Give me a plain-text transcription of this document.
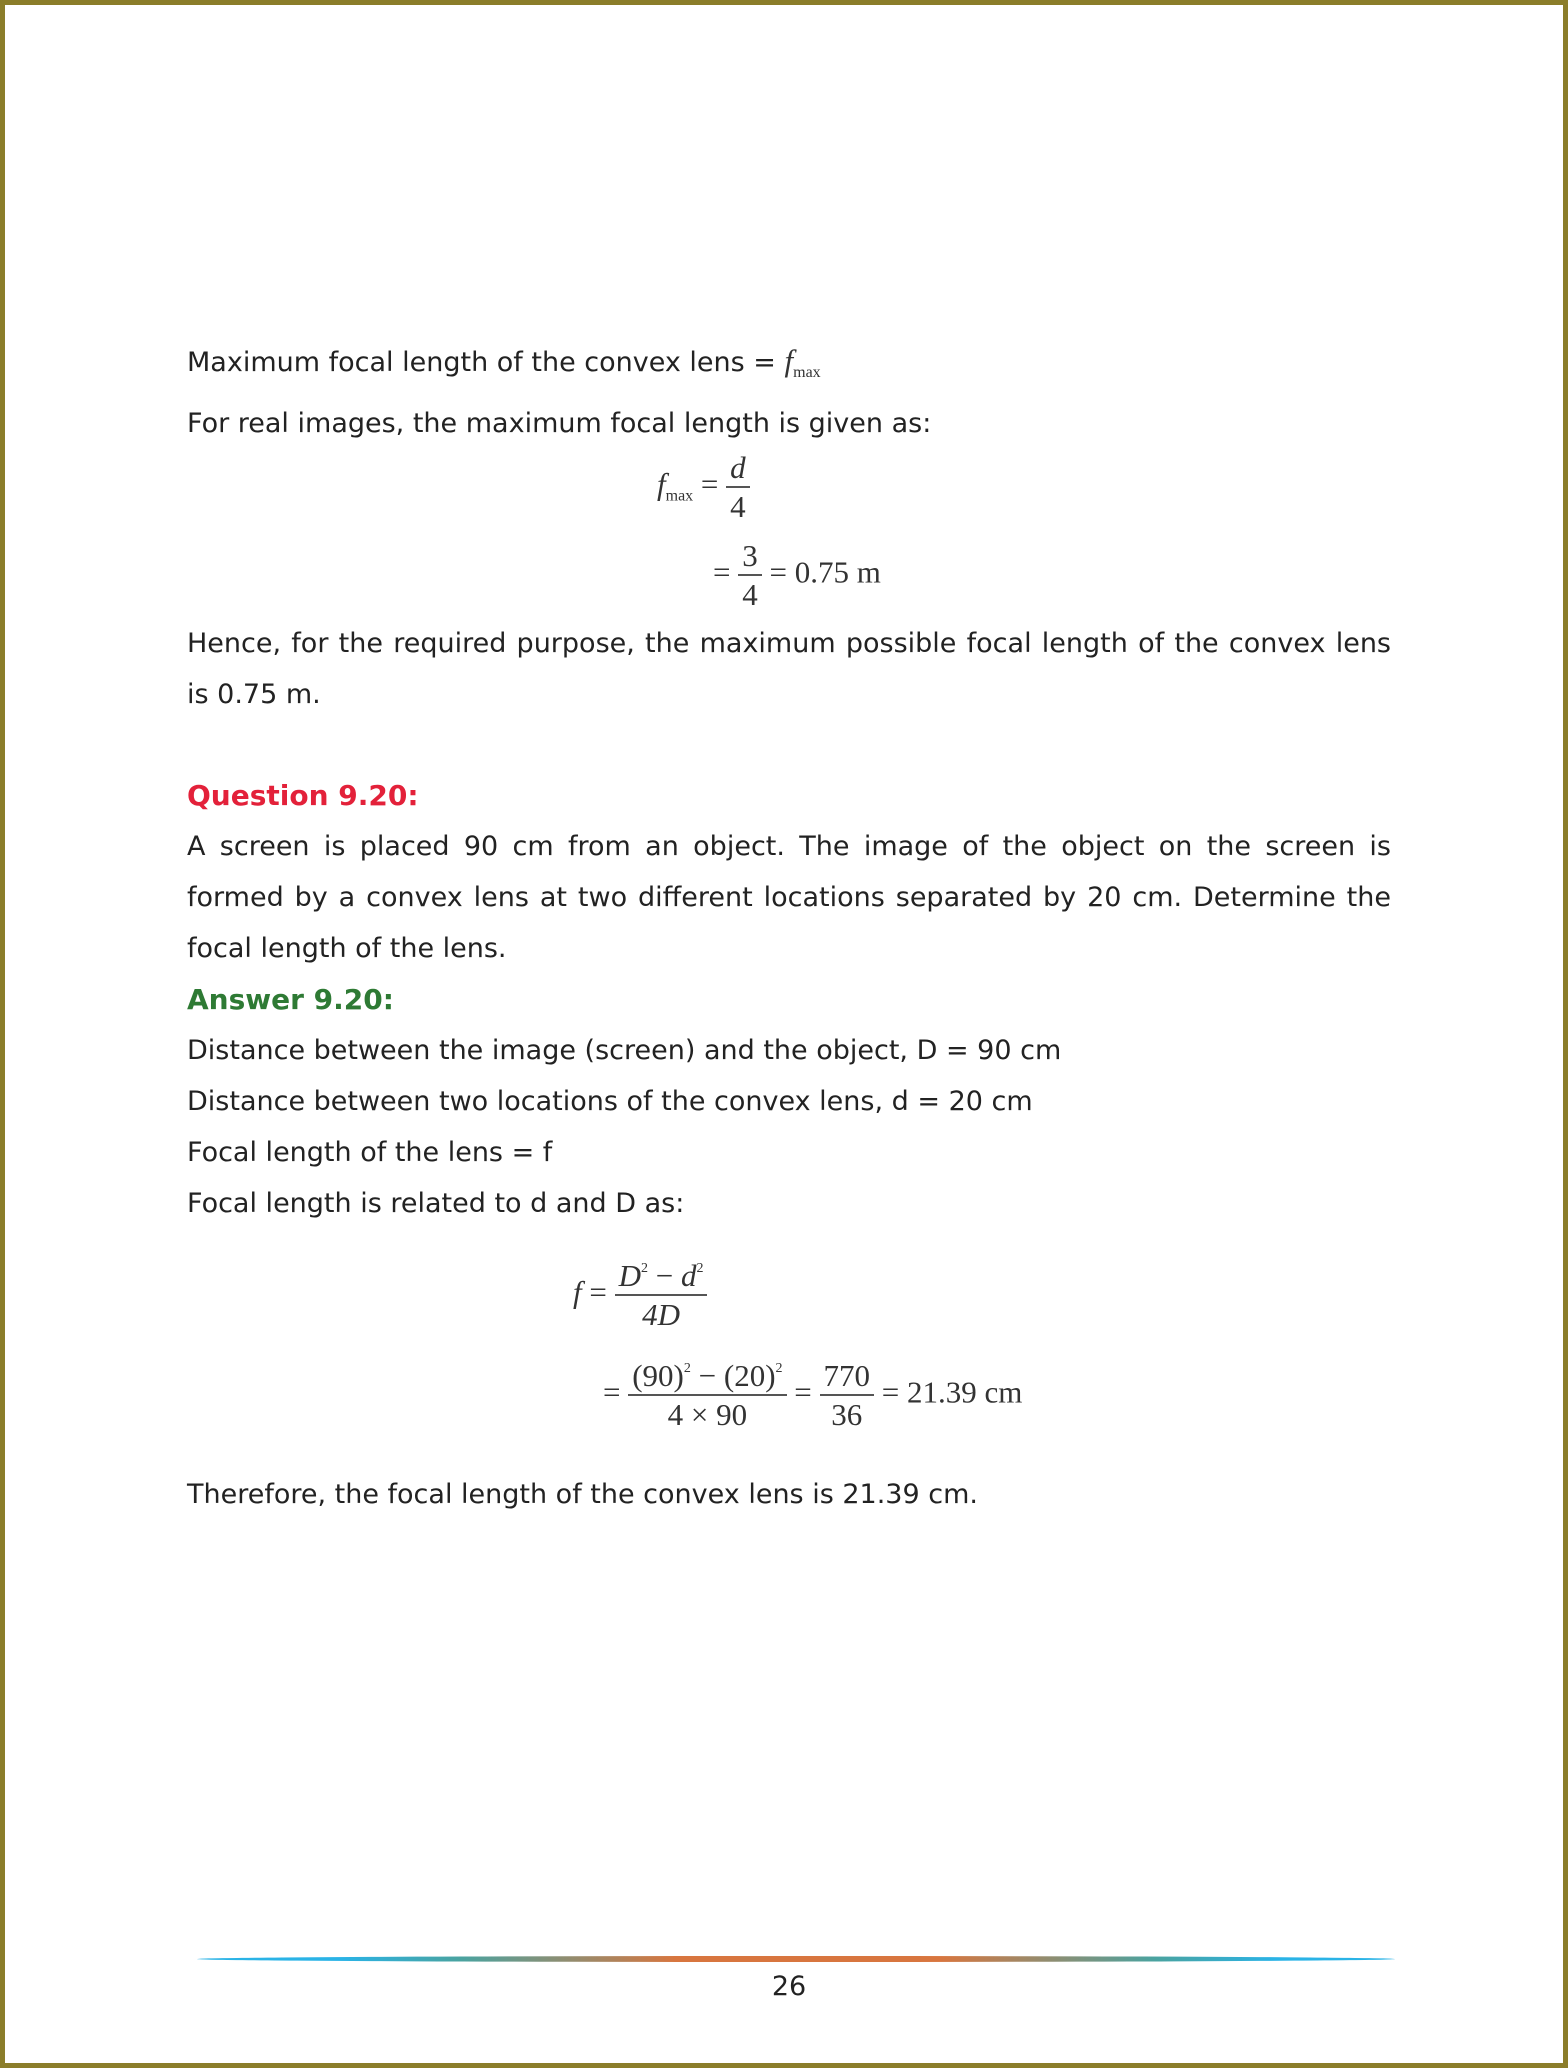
Maximum focal length of the convex lens = $f_{max}$
For real images, the maximum focal length is given as:
$f_{max} = \frac{d}{4}$
= $\frac{3}{4} = 0.75$ m
Hence, for the required purpose, the maximum possible focal length of the convex lens is 0.75 m.
Question 9.20:
A screen is placed 90 cm from an object. The image of the object on the screen is formed by a convex lens at two different locations separated by 20 cm. Determine the focal length of the lens.
Answer 9.20:
Distance between the image (screen) and the object, D = 90 cm
Distance between two locations of the convex lens, d = 20 cm
Focal length of the lens = f
Focal length is related to d and D as:
$f = \frac{D^2 - d^2}{4D}$
= $\frac{(90)^2 - (20)^2}{4 \times 90} = \frac{770}{36} = 21.39$ cm
Therefore, the focal length of the convex lens is 21.39 cm.
26
